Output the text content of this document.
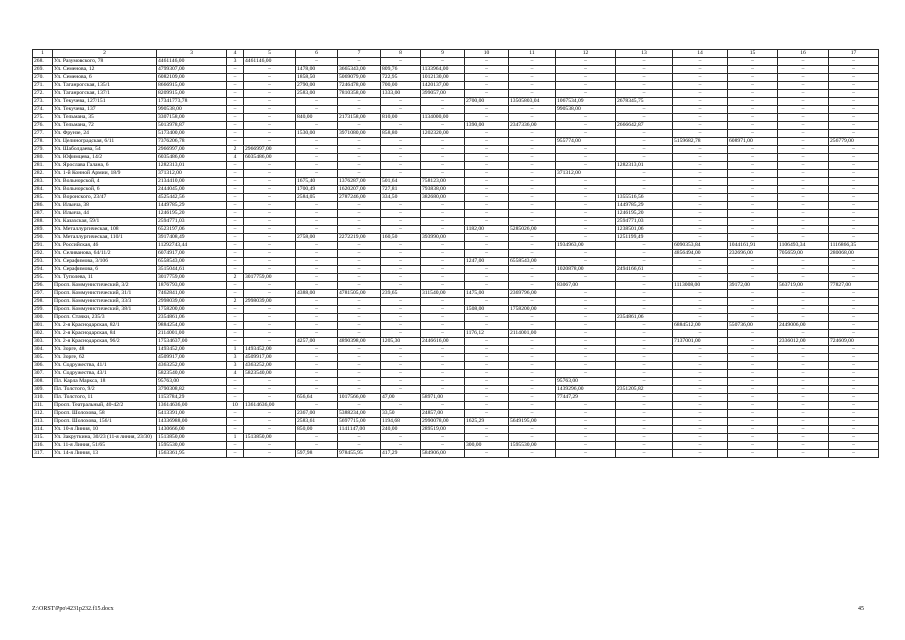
1	2	3	4	5	6	7	8	9	10	11	12	13	14	15	16	17
268.	Ул. Разумовского, 78	4461146,00	3	4461146,00	–	–	–	–	–	–	–	–	–	–	–	–
269.	Ул. Семенова, 12	4799307,00	–	–	1478,00	3665343,00	809,76	1133964,00	–	–	–	–	–	–	–	–
270.	Ул. Семенова, 6	6082109,00	–	–	1858,50	5069079,00	722,95	1012130,00	–	–	–	–	–	–	–	–
271.	Ул. Таганрогская, 135/1	8666915,00	–	–	2790,00	7246478,00	700,00	1420137,00	–	–	–	–	–	–	–	–
272.	Ул. Таганрогская, 137/1	8209915,00	–	–	2583,00	7810358,00	1333,00	399057,00	–	–	–	–	–	–	–	–
273.	Ул. Текучева, 127/151	17341773,78	–	–	–	–	–	–	2700,00	13505803,04	1067534,09	2678345,75	–	–	–	–
274.	Ул. Текучева, 137	990538,00	–	–	–	–	–	–	–	–	990538,00	–	–	–	–	–
275.	Ул. Тельмана, 35	3307158,00	–	–	840,00	2173158,00	810,00	1134000,00	–	–	–	–	–	–	–	–
276.	Ул. Тельмана, 72	5013978,87	–	–	–	–	–	–	1390,00	2347336,00	–	2666642,87	–	–	–	–
277.	Ул. Фрунзе, 24	5173400,00	–	–	1530,00	3971080,00	858,80	1202320,00	–	–	–	–	–	–	–	–
278.	Ул. Целиноградская, 6/11	7376206,78	–	–	–	–	–	–	–	–	955774,00	–	5159682,78	608971,00	–	256779,00
279.	Ул. Шаболдаева, 54	2966997,00	2	2966997,00	–	–	–	–	–	–	–	–	–	–	–	–
280.	Ул. Юфимцева, 14/2	6035486,00	4	6035486,00	–	–	–	–	–	–	–	–	–	–	–	–
281.	Ул. Ярослава Галана, 6	1282313,01	–	–	–	–	–	–	–	–	–	1282313,01	–	–	–	–
282.	Ул. 1-й Конной Армии, 18/9	371312,00	–	–	–	–	–	–	–	–	371312,00	–	–	–	–	–
283.	Ул. Вольнорской, 4	2134410,00	–	–	1675,40	1376287,00	501,64	758123,00	–	–	–	–	–	–	–	–
284.	Ул. Вольнорской, 6	2444045,00	–	–	1700,49	1620207,00	727,81	793838,00	–	–	–	–	–	–	–	–
285.	Ул. Воронского, 23/47	4525442,56	–	–	2584,05	2787246,00	334,50	382680,00	–	–	–	1355516,56	–	–	–	–
286.	Ул. Ильича, 38	1449785,29	–	–	–	–	–	–	–	–	–	1449785,29	–	–	–	–
287.	Ул. Ильича, 44	1246195,20	–	–	–	–	–	–	–	–	–	1246195,20	–	–	–	–
288.	Ул. Казахская, 59/1	2594771,03	–	–	–	–	–	–	–	–	–	2594771,03	–	–	–	–
289.	Ул. Металлургическая, 108	6523197,06	–	–	–	–	–	–	1182,00	5285026,00	–	1238501,06	–	–	–	–
290.	Ул. Металлургическая, 110/1	3917408,49	–	–	2758,00	2272219,00	160,50	393990,00	–	–	–	1251199,49	–	–	–	–
291.	Ул. Российская, 46	11292743,44	–	–	–	–	–	–	–	–	1934963,00	–	6090353,84	1044161,91	1106493,34	1116866,35
292.	Ул. Селиванова, 64/11/2	6074917,00	–	–	–	–	–	–	–	–	–	–	4856494,00	232696,00	705659,00	280068,00
293.	Ул. Серафимова, 3/106	6558543,00	–	–	–	–	–	–	1247,00	6558543,00	–	–	–	–	–	–
294.	Ул. Серафимова, 6	3515044,61	–	–	–	–	–	–	–	–	1020878,00	2494166,61	–	–	–	–
295.	Ул. Туполева, 11	3017759,00	2	3017759,00	–	–	–	–	–	–	–	–	–	–	–	–
296.	Просп. Коммунистический, 3/2	1876793,00	–	–	–	–	–	–	–	–	83067,00	–	1113008,00	39172,00	563719,00	77827,00
297.	Просп. Коммунистический, 31/1	7462841,00	–	–	4388,00	4781505,00	239,65	311540,00	1475,00	2369796,00	–	–	–	–	–	–
298.	Просп. Коммунистический, 33/3	2998039,00	2	2998039,00	–	–	–	–	–	–	–	–	–	–	–	–
299.	Просп. Коммунистический, 38/1	1758200,00	–	–	–	–	–	–	1508,00	1758200,00	–	–	–	–	–	–
300.	Просп. Стачки, 235/3	2354861,06	–	–	–	–	–	–	–	–	–	2354861,06	–	–	–	–
301.	Ул. 2-я Краснодарская, 82/1	9884254,00	–	–	–	–	–	–	–	–	–	–	6884512,00	550736,00	2449006,00	–
302.	Ул. 2-я Краснодарская, 84	2114001,00	–	–	–	–	–	–	1176,12	2114001,00	–	–	–	–	–	–
303.	Ул. 2-я Краснодарская, 96/2	17534637,00	–	–	4257,00	4890398,00	1205,30	2446616,00	–	–	–	–	7137001,00	–	2336012,00	724609,00
304.	Ул. Зорге, 48	1493452,00	1	1493452,00	–	–	–	–	–	–	–	–	–	–	–	–
305.	Ул. Зорге, 62	4509917,00	3	4509917,00	–	–	–	–	–	–	–	–	–	–	–	–
306.	Ул. Содружества, 41/1	4363252,00	3	4363252,00	–	–	–	–	–	–	–	–	–	–	–	–
307.	Ул. Содружества, 43/1	5823540,00	4	5823540,00	–	–	–	–	–	–	–	–	–	–	–	–
308.	Пл. Карла Маркса, 18	95763,00	–	–	–	–	–	–	–	–	95763,00	–	–	–	–	–
309.	Пл. Толстого, 9/2	3790308,82	–	–	–	–	–	–	–	–	1439296,00	2351205,82	–	–	–	–
310.	Пл. Толстого, 11	1153784,29	–	–	656,64	1017566,00	47,00	58971,00	–	–	77447,29	–	–	–	–	–
311.	Просп. Театральный, 40-42/2	13614636,00	10	13614636,00	–	–	–	–	–	–	–	–	–	–	–	–
312.	Просп. Шолохова, 58	5413391,00	–	–	2367,00	5388234,00	33,50	24857,00	–	–	–	–	–	–	–	–
313.	Просп. Шолохова, 156/1	14336988,00	–	–	2583,61	5697715,00	1194,68	2990078,00	1625,29	5649195,00	–	–	–	–	–	–
314.	Ул. 10-я Линия, 10	1430666,00	–	–	850,00	1141147,00	240,00	289519,00	–	–	–	–	–	–	–	–
315.	Ул. Закруткина, 30/23 (11-я линия, 23/30)	1513850,00	1	1513850,00	–	–	–	–	–	–	–	–	–	–	–	–
316.	Ул. 11-я Линия, 51/65	1595530,00	–	–	–	–	–	–	300,00	1595530,00	–	–	–	–	–	–
317.	Ул. 14-я Линия, 13	1563361,95	–	–	597,98	978455,95	417,29	584906,00	–	–	–	–	–	–	–	–
Z:\ORST\Ppo\4231p232.f15.docx	45
